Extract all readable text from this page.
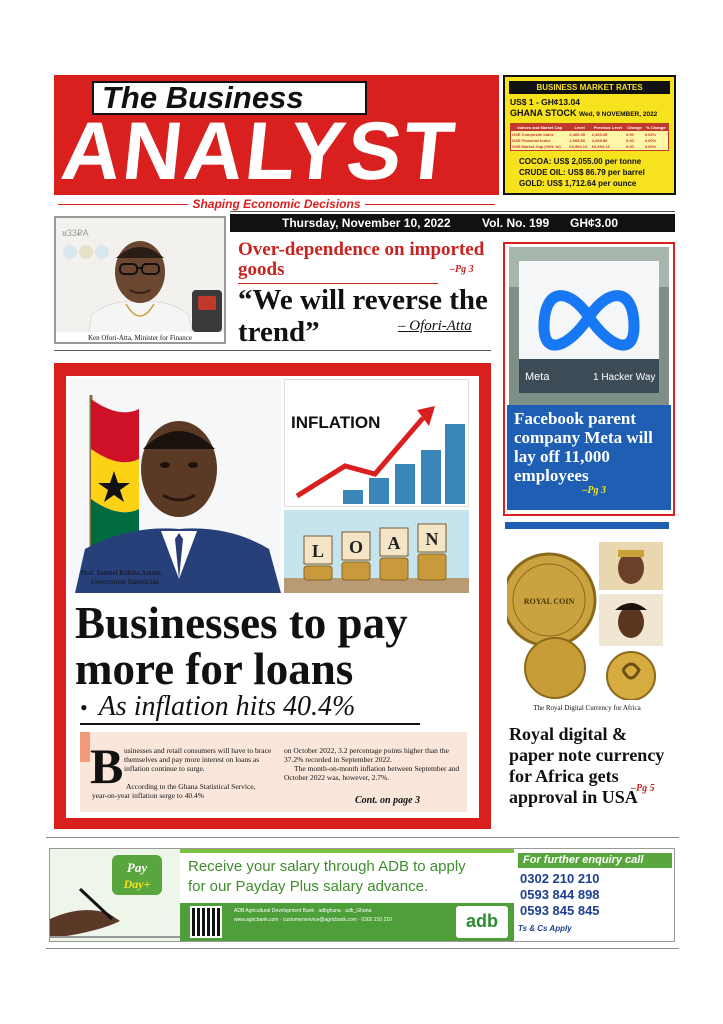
The Business
ANALYST
Shaping Economic Decisions
BUSINESS MARKET RATES
US$ 1 - GH¢13.04
GHANA STOCK Wed, 9 NOVEMBER, 2022
Indices and Market Cap	Level	Previous Level	Change	% Change
GSE Composite Index	2,460.45	2,460.45	0.00	0.00%
GSE Financial Index	2,069.89	2,069.89	0.00	0.00%
GSE Market Cap (GH¢ 'm)	63,994.13	63,994.13	0.00	0.00%
COCOA: US$ 2,055.00 per tonne
CRUDE OIL: US$ 86.79 per barrel
GOLD: US$ 1,712.64 per ounce
Thursday, November 10, 2022	Vol. No. 199 GH¢3.00
ᴚ33₽A
Ken Ofori-Atta, Minister for Finance
Over-dependence on imported goods	–Pg 3
“We will reverse the trend”	– Ofori-Atta
Meta	1 Hacker Way
Facebook parent company Meta will lay off 11,000 employees
–Pg 3
Prof. Samuel Kobina Annim,
Government Statistician
INFLATION
L O A N
Businesses to pay more for loans
•  As inflation hits 40.4%
B usinesses and retail consumers will have to brace themselves and pay more interest on loans as inflation continue to surge.
According to the Ghana Statistical Service, year-on-year inflation serge to 40.4%
on October 2022, 3.2 percentage points higher than the 37.2% recorded in September 2022.
The month-on-month inflation between September and October 2022 was, however, 2.7%.
Cont. on page 3
ROYAL COIN
The Royal Digital Currency for Africa
Royal digital & paper note currency for Africa gets approval in USA
–Pg 5
Pay
Day+
ADB Agricultural Development Bank · adbghana · adb_Ghana
www.agricbank.com · customerservice@agricbank.com · 0302 210 210	adb
Receive your salary through ADB to apply
for our Payday Plus salary advance.
For further enquiry call
0302 210 210
0593 844 898
0593 845 845
Ts & Cs Apply
